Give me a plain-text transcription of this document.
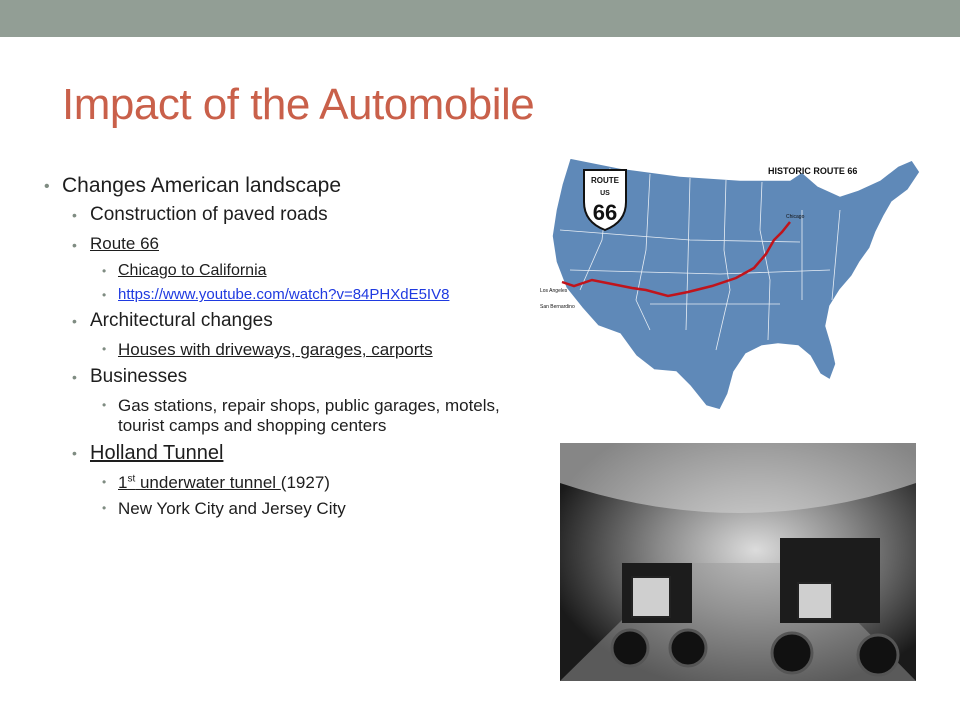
Impact of the Automobile
• Changes American landscape
• Construction of paved roads
• Route 66
• Chicago to California
• https://www.youtube.com/watch?v=84PHXdE5IV8
• Architectural changes
• Houses with driveways, garages, carports
• Businesses
• Gas stations, repair shops, public garages, motels, tourist camps and shopping centers
• Holland Tunnel
• 1st underwater tunnel (1927)
• New York City and Jersey City
ROUTE
US
66
HISTORIC ROUTE 66
Los Angeles
San Bernardino
Chicago
